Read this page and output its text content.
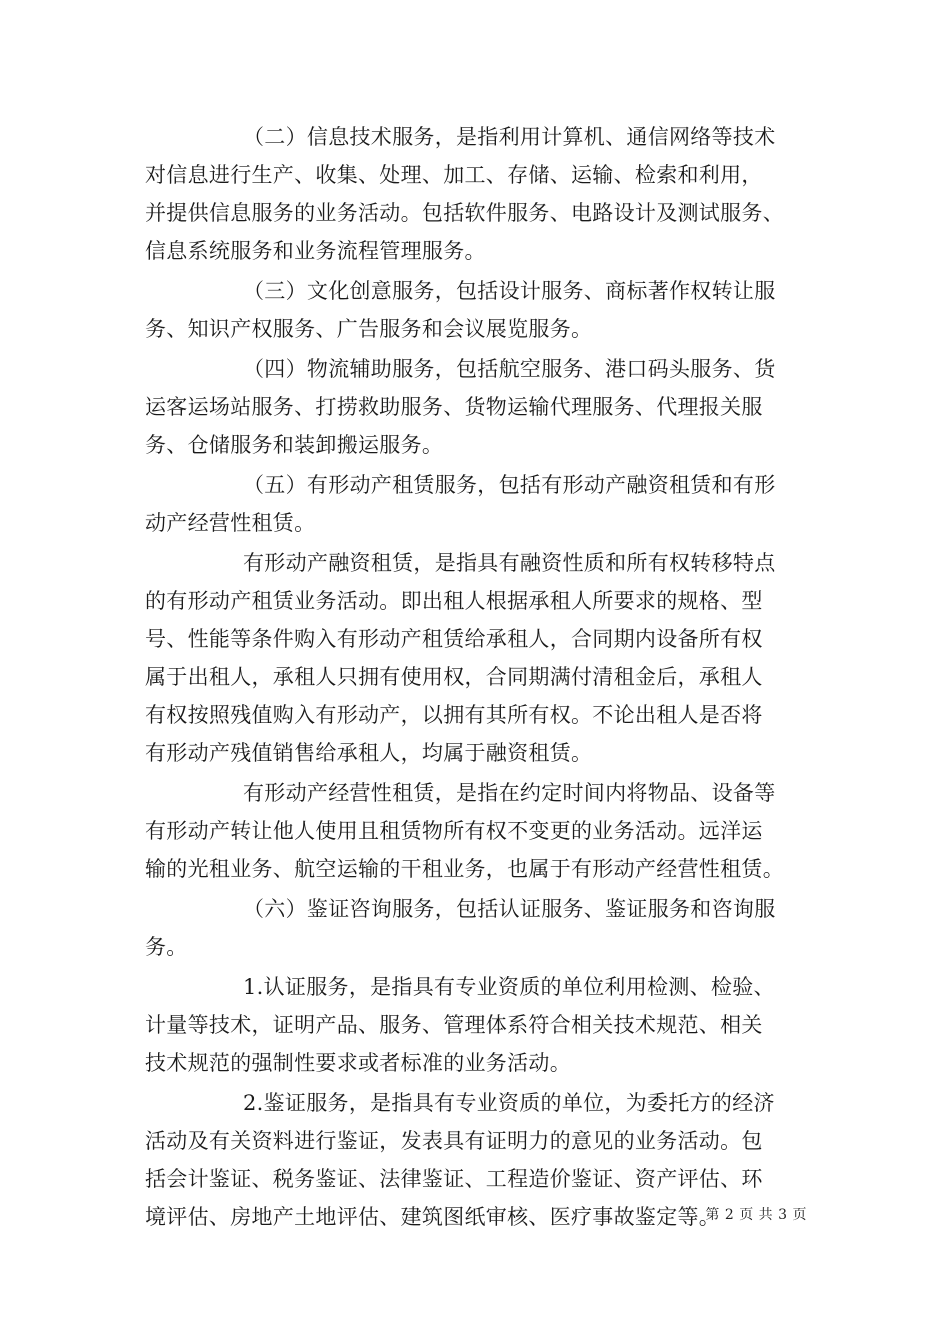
（二）信息技术服务，是指利用计算机、通信网络等技术
对信息进行生产、收集、处理、加工、存储、运输、检索和利用，
并提供信息服务的业务活动。包括软件服务、电路设计及测试服务、
信息系统服务和业务流程管理服务。
（三）文化创意服务，包括设计服务、商标著作权转让服
务、知识产权服务、广告服务和会议展览服务。
（四）物流辅助服务，包括航空服务、港口码头服务、货
运客运场站服务、打捞救助服务、货物运输代理服务、代理报关服
务、仓储服务和装卸搬运服务。
（五）有形动产租赁服务，包括有形动产融资租赁和有形
动产经营性租赁。
有形动产融资租赁，是指具有融资性质和所有权转移特点
的有形动产租赁业务活动。即出租人根据承租人所要求的规格、型
号、性能等条件购入有形动产租赁给承租人，合同期内设备所有权
属于出租人，承租人只拥有使用权，合同期满付清租金后，承租人
有权按照残值购入有形动产，以拥有其所有权。不论出租人是否将
有形动产残值销售给承租人，均属于融资租赁。
有形动产经营性租赁，是指在约定时间内将物品、设备等
有形动产转让他人使用且租赁物所有权不变更的业务活动。远洋运
输的光租业务、航空运输的干租业务，也属于有形动产经营性租赁。
（六）鉴证咨询服务，包括认证服务、鉴证服务和咨询服
务。
1.认证服务，是指具有专业资质的单位利用检测、检验、
计量等技术，证明产品、服务、管理体系符合相关技术规范、相关
技术规范的强制性要求或者标准的业务活动。
2.鉴证服务，是指具有专业资质的单位，为委托方的经济
活动及有关资料进行鉴证，发表具有证明力的意见的业务活动。包
括会计鉴证、税务鉴证、法律鉴证、工程造价鉴证、资产评估、环
境评估、房地产土地评估、建筑图纸审核、医疗事故鉴定等。
第 2 页 共 3 页
